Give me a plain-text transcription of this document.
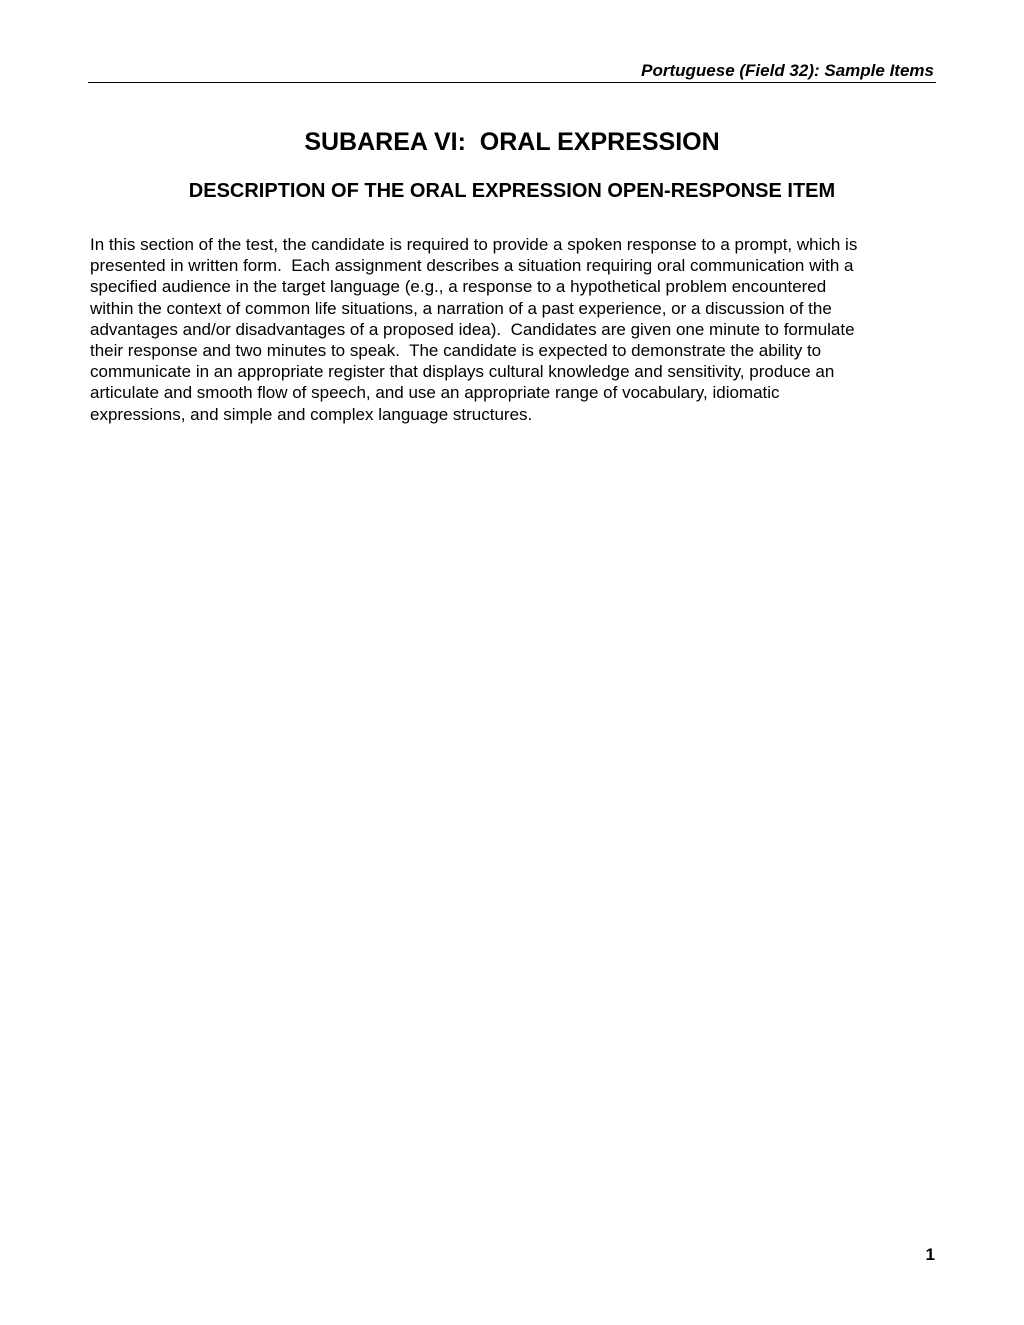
Portuguese (Field 32): Sample Items
SUBAREA VI:  ORAL EXPRESSION
DESCRIPTION OF THE ORAL EXPRESSION OPEN-RESPONSE ITEM

In this section of the test, the candidate is required to provide a spoken response to a prompt, which is
presented in written form.  Each assignment describes a situation requiring oral communication with a
specified audience in the target language (e.g., a response to a hypothetical problem encountered
within the context of common life situations, a narration of a past experience, or a discussion of the
advantages and/or disadvantages of a proposed idea).  Candidates are given one minute to formulate
their response and two minutes to speak.  The candidate is expected to demonstrate the ability to
communicate in an appropriate register that displays cultural knowledge and sensitivity, produce an
articulate and smooth flow of speech, and use an appropriate range of vocabulary, idiomatic
expressions, and simple and complex language structures.

1
